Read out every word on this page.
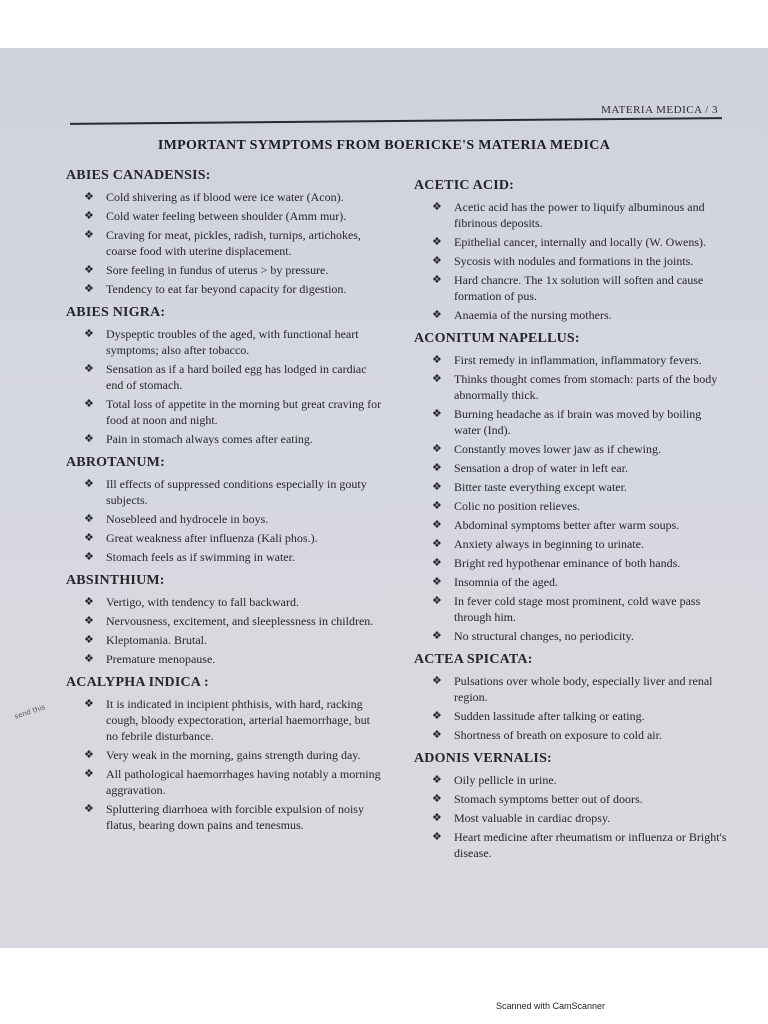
MATERIA MEDICA / 3
IMPORTANT SYMPTOMS FROM BOERICKE'S MATERIA MEDICA
ABIES CANADENSIS:
❖	Cold shivering as if blood were ice water (Acon).
❖	Cold water feeling between shoulder (Amm mur).
❖	Craving for meat, pickles, radish, turnips, artichokes, coarse food with uterine displacement.
❖	Sore feeling in fundus of uterus > by pressure.
❖	Tendency to eat far beyond capacity for digestion.
ABIES NIGRA:
❖	Dyspeptic troubles of the aged, with functional heart symptoms; also after tobacco.
❖	Sensation as if a hard boiled egg has lodged in cardiac end of stomach.
❖	Total loss of appetite in the morning but great craving for food at noon and night.
❖	Pain in stomach always comes after eating.
ABROTANUM:
❖	Ill effects of suppressed conditions especially in gouty subjects.
❖	Nosebleed and hydrocele in boys.
❖	Great weakness after influenza (Kali phos.).
❖	Stomach feels as if swimming in water.
ABSINTHIUM:
❖	Vertigo, with tendency to fall backward.
❖	Nervousness, excitement, and sleeplessness in children.
❖	Kleptomania. Brutal.
❖	Premature menopause.
ACALYPHA INDICA :
❖	It is indicated in incipient phthisis, with hard, racking cough, bloody expectoration, arterial haemorrhage, but no febrile disturbance.
❖	Very weak in the morning, gains strength during day.
❖	All pathological haemorrhages having notably a morning aggravation.
❖	Spluttering diarrhoea with forcible expulsion of noisy flatus, bearing down pains and tenesmus.
ACETIC ACID:
❖	Acetic acid has the power to liquify albuminous and fibrinous deposits.
❖	Epithelial cancer, internally and locally (W. Owens).
❖	Sycosis with nodules and formations in the joints.
❖	Hard chancre. The 1x solution will soften and cause formation of pus.
❖	Anaemia of the nursing mothers.
ACONITUM NAPELLUS:
❖	First remedy in inflammation, inflammatory fevers.
❖	Thinks thought comes from stomach: parts of the body abnormally thick.
❖	Burning headache as if brain was moved by boiling water (Ind).
❖	Constantly moves lower jaw as if chewing.
❖	Sensation a drop of water in left ear.
❖	Bitter taste everything except water.
❖	Colic no position relieves.
❖	Abdominal symptoms better after warm soups.
❖	Anxiety always in beginning to urinate.
❖	Bright red hypothenar eminance of both hands.
❖	Insomnia of the aged.
❖	In fever cold stage most prominent, cold wave pass through him.
❖	No structural changes, no periodicity.
ACTEA SPICATA:
❖	Pulsations over whole body, especially liver and renal region.
❖	Sudden lassitude after talking or eating.
❖	Shortness of breath on exposure to cold air.
ADONIS VERNALIS:
❖	Oily pellicle in urine.
❖	Stomach symptoms better out of doors.
❖	Most valuable in cardiac dropsy.
❖	Heart medicine after rheumatism or influenza or Bright's disease.
send this
Scanned with CamScanner
